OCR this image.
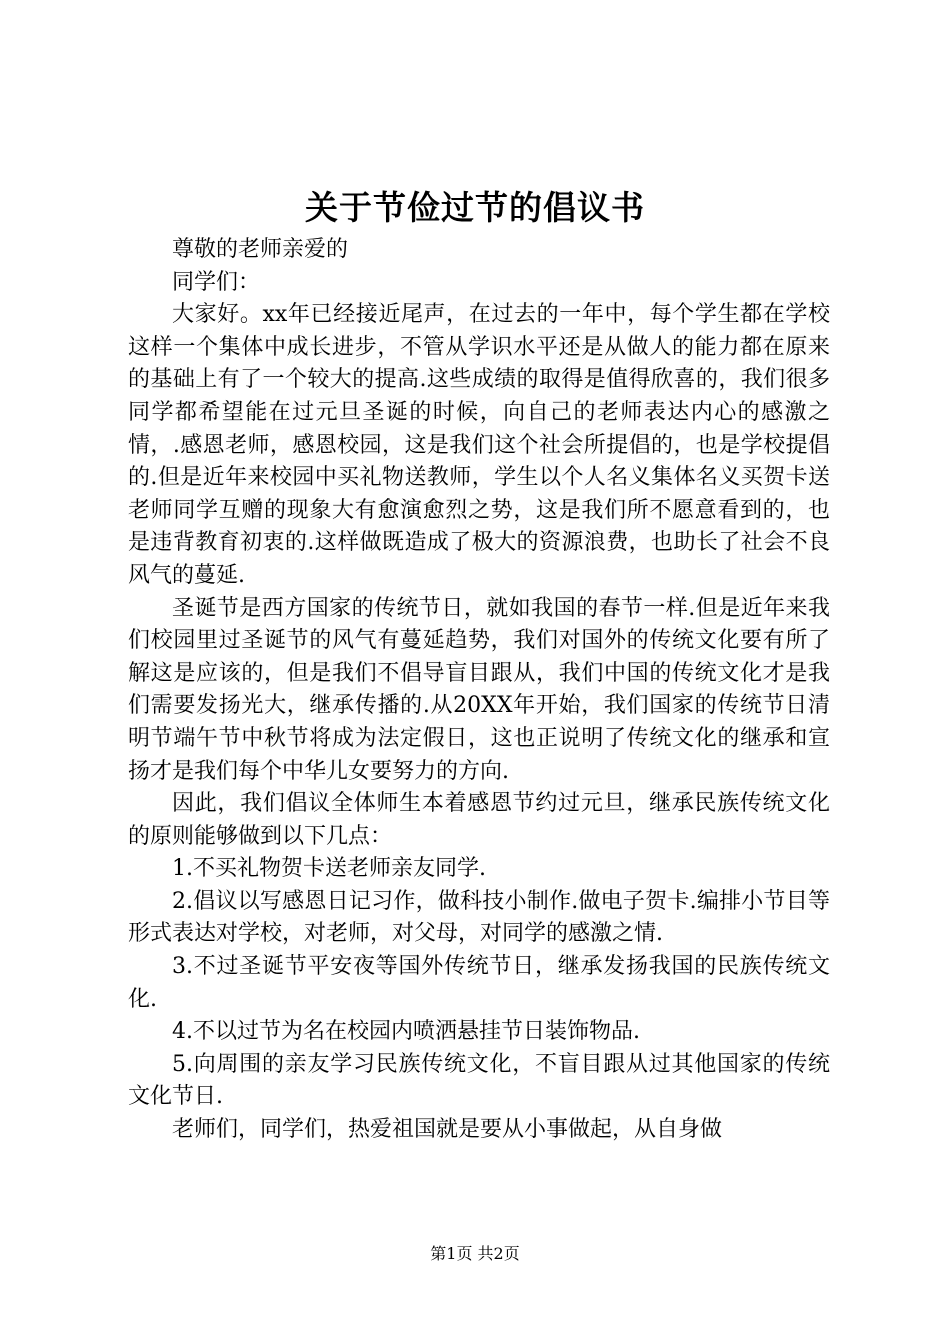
关于节俭过节的倡议书

尊敬的老师亲爱的

同学们：

大家好。xx年已经接近尾声，在过去的一年中，每个学生都在学校这样一个集体中成长进步，不管从学识水平还是从做人的能力都在原来的基础上有了一个较大的提高.这些成绩的取得是值得欣喜的，我们很多同学都希望能在过元旦圣诞的时候，向自己的老师表达内心的感激之情，.感恩老师，感恩校园，这是我们这个社会所提倡的，也是学校提倡的.但是近年来校园中买礼物送教师，学生以个人名义集体名义买贺卡送老师同学互赠的现象大有愈演愈烈之势，这是我们所不愿意看到的，也是违背教育初衷的.这样做既造成了极大的资源浪费，也助长了社会不良风气的蔓延.

圣诞节是西方国家的传统节日，就如我国的春节一样.但是近年来我们校园里过圣诞节的风气有蔓延趋势，我们对国外的传统文化要有所了解这是应该的，但是我们不倡导盲目跟从，我们中国的传统文化才是我们需要发扬光大，继承传播的.从20XX年开始，我们国家的传统节日清明节端午节中秋节将成为法定假日，这也正说明了传统文化的继承和宣扬才是我们每个中华儿女要努力的方向.

因此，我们倡议全体师生本着感恩节约过元旦，继承民族传统文化的原则能够做到以下几点：

1.不买礼物贺卡送老师亲友同学.

2.倡议以写感恩日记习作，做科技小制作.做电子贺卡.编排小节目等形式表达对学校，对老师，对父母，对同学的感激之情.

3.不过圣诞节平安夜等国外传统节日，继承发扬我国的民族传统文化.

4.不以过节为名在校园内喷洒悬挂节日装饰物品.

5.向周围的亲友学习民族传统文化，不盲目跟从过其他国家的传统文化节日.

老师们，同学们，热爱祖国就是要从小事做起，从自身做

第1页 共2页
